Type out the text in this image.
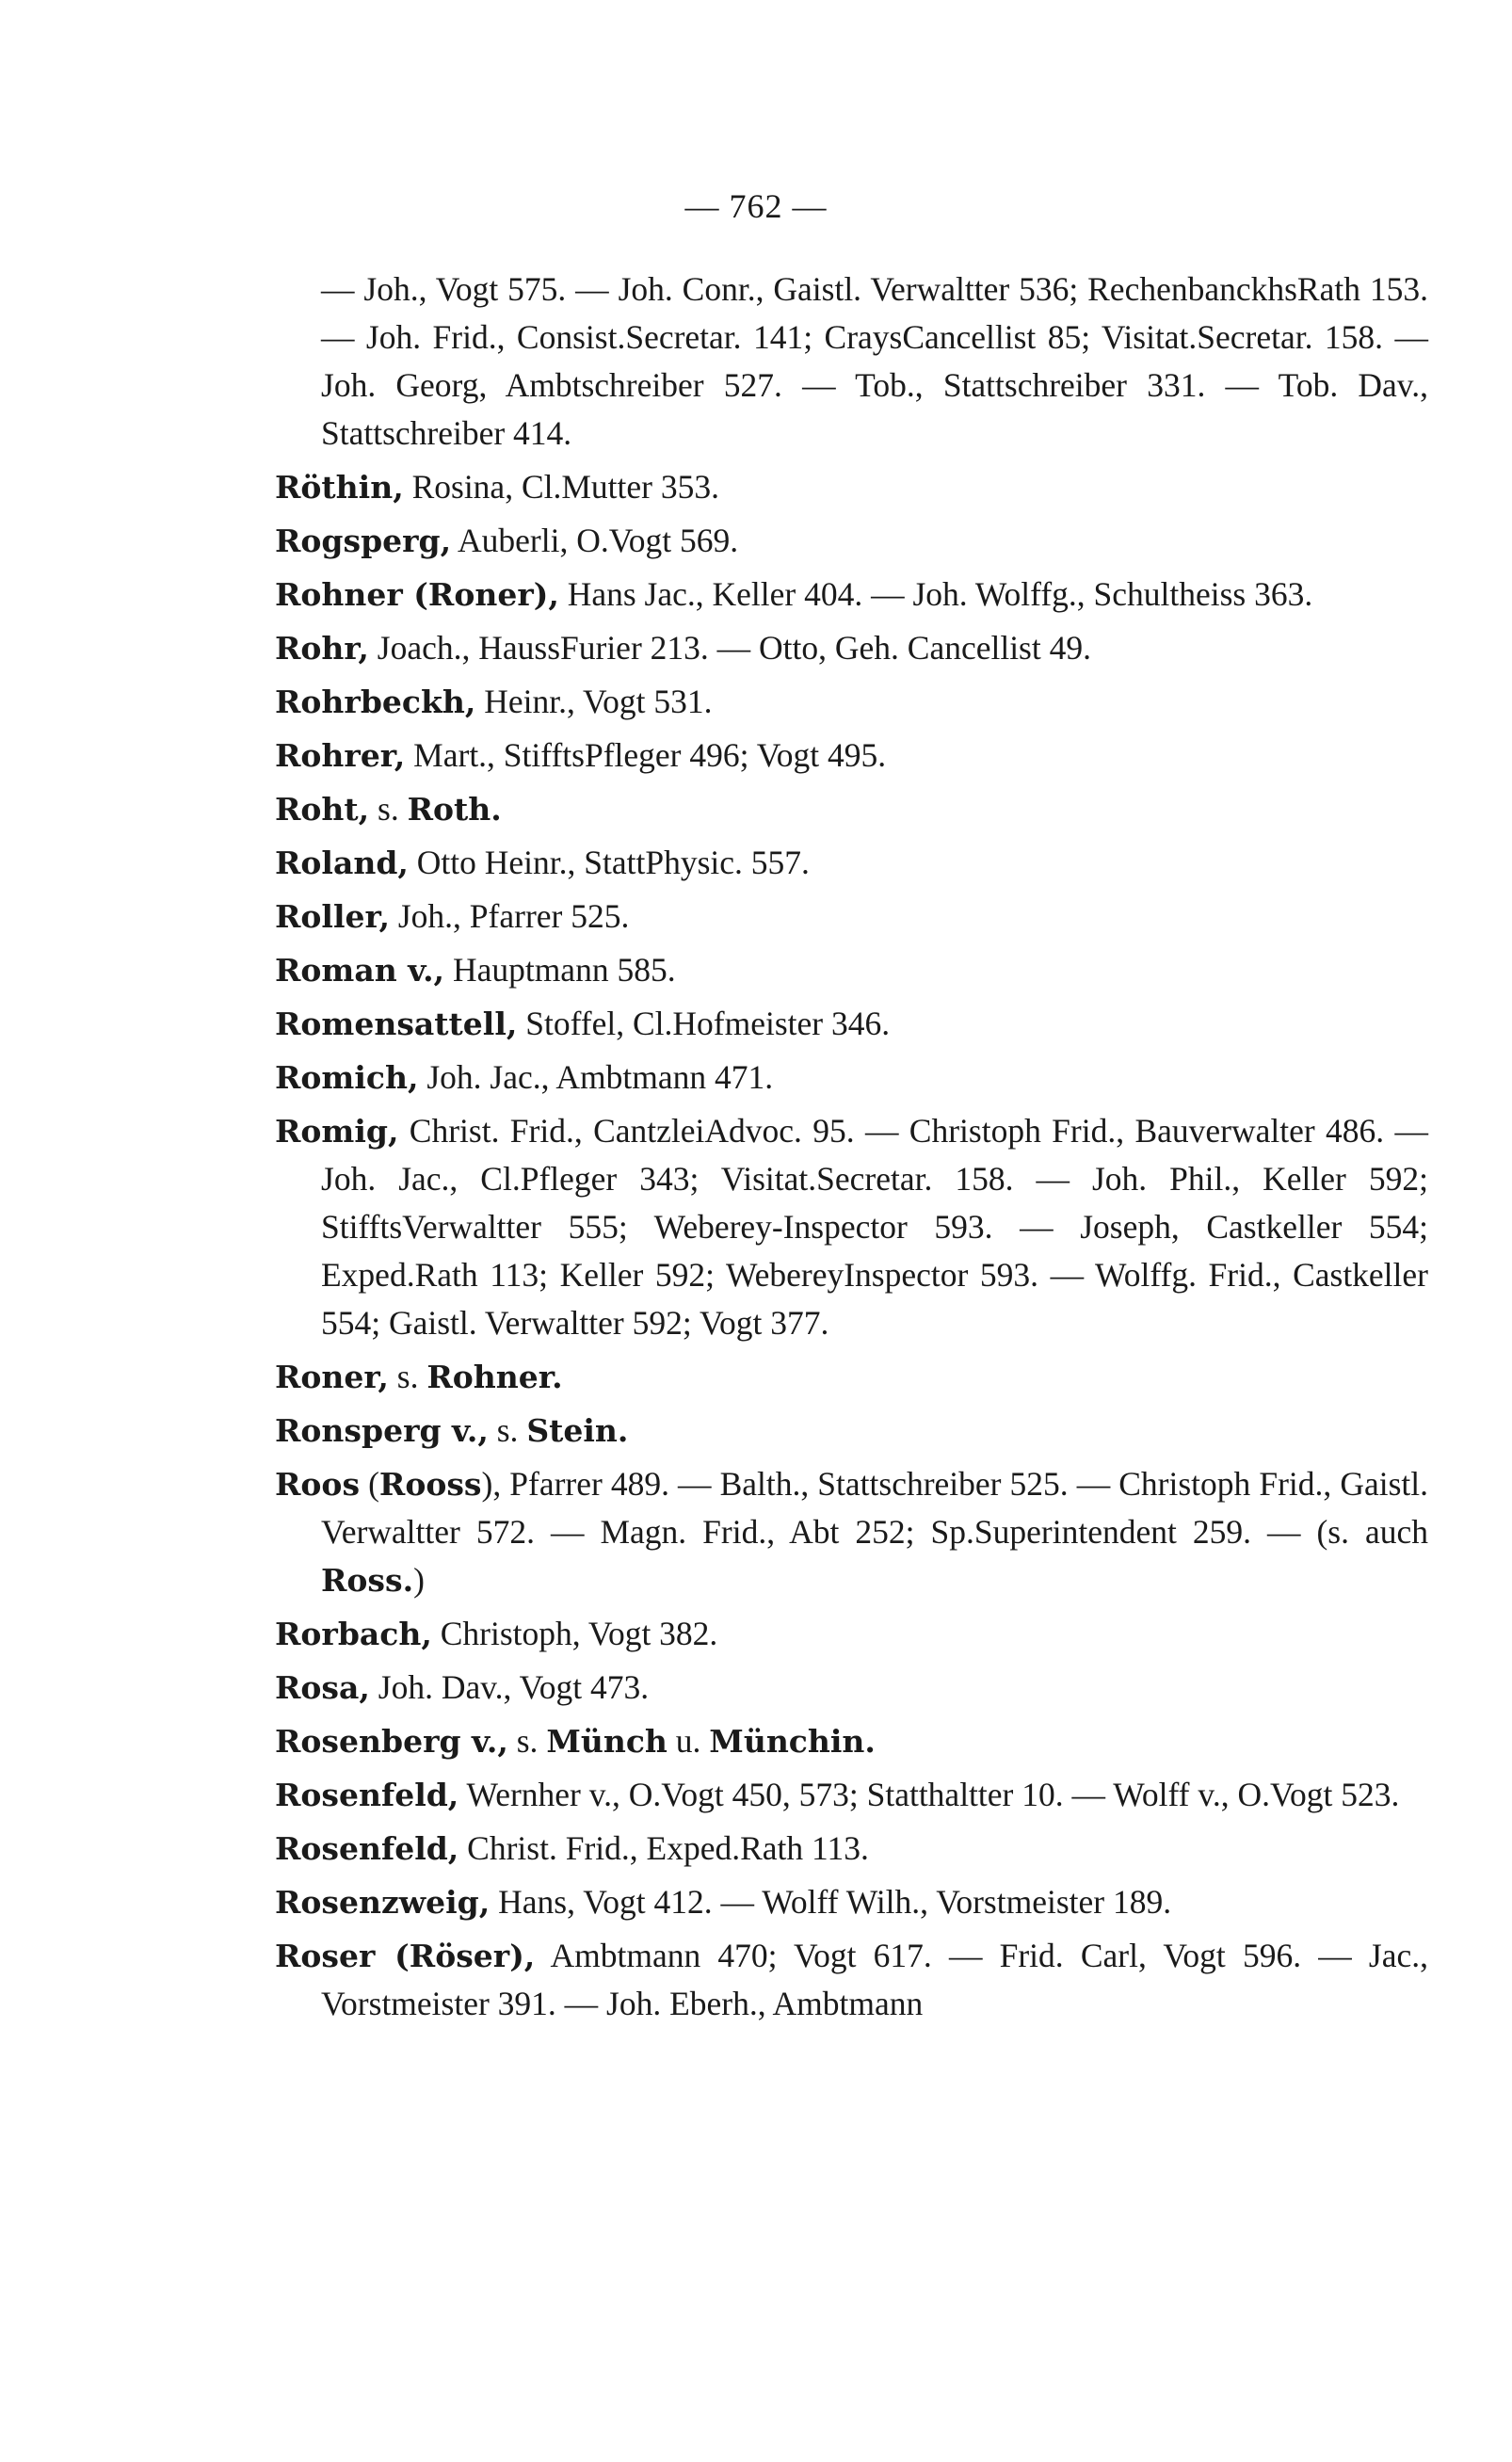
— 762 —

— Joh., Vogt 575. — Joh. Conr., Gaistl. Verwaltter 536; RechenbanckhsRath 153. — Joh. Frid., Consist.Secretar. 141; CraysCancellist 85; Visitat.Secretar. 158. — Joh. Georg, Ambtschreiber 527. — Tob., Stattschreiber 331. — Tob. Dav., Stattschreiber 414.

Röthin, Rosina, Cl.Mutter 353.

Rogsperg, Auberli, O.Vogt 569.

Rohner (Roner), Hans Jac., Keller 404. — Joh. Wolffg., Schultheiss 363.

Rohr, Joach., HaussFurier 213. — Otto, Geh. Cancellist 49.

Rohrbeckh, Heinr., Vogt 531.

Rohrer, Mart., StifftsPfleger 496; Vogt 495.

Roht, s. Roth.

Roland, Otto Heinr., StattPhysic. 557.

Roller, Joh., Pfarrer 525.

Roman v., Hauptmann 585.

Romensattell, Stoffel, Cl.Hofmeister 346.

Romich, Joh. Jac., Ambtmann 471.

Romig, Christ. Frid., CantzleiAdvoc. 95. — Christoph Frid., Bauverwalter 486. — Joh. Jac., Cl.Pfleger 343; Visitat.Secretar. 158. — Joh. Phil., Keller 592; StifftsVerwaltter 555; Weberey-Inspector 593. — Joseph, Castkeller 554; Exped.Rath 113; Keller 592; WebereyInspector 593. — Wolffg. Frid., Castkeller 554; Gaistl. Verwaltter 592; Vogt 377.

Roner, s. Rohner.

Ronsperg v., s. Stein.

Roos (Rooss), Pfarrer 489. — Balth., Stattschreiber 525. — Christoph Frid., Gaistl. Verwaltter 572. — Magn. Frid., Abt 252; Sp.Superintendent 259. — (s. auch Ross.)

Rorbach, Christoph, Vogt 382.

Rosa, Joh. Dav., Vogt 473.

Rosenberg v., s. Münch u. Münchin.

Rosenfeld, Wernher v., O.Vogt 450, 573; Statthaltter 10. — Wolff v., O.Vogt 523.

Rosenfeld, Christ. Frid., Exped.Rath 113.

Rosenzweig, Hans, Vogt 412. — Wolff Wilh., Vorstmeister 189.

Roser (Röser), Ambtmann 470; Vogt 617. — Frid. Carl, Vogt 596. — Jac., Vorstmeister 391. — Joh. Eberh., Ambtmann
